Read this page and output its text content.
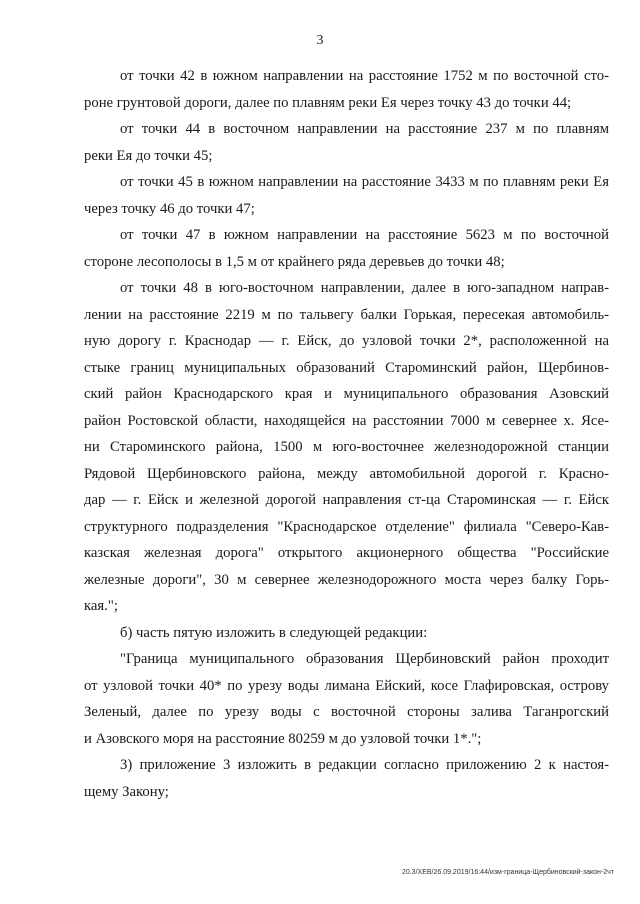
3

от точки 42 в южном направлении на расстояние 1752 м по восточной сто-
роне грунтовой дороги, далее по плавням реки Ея через точку 43 до точки 44;

от точки 44 в восточном направлении на расстояние 237 м по плавням
реки Ея до точки 45;

от точки 45 в южном направлении на расстояние 3433 м по плавням реки Ея
через точку 46 до точки 47;

от точки 47 в южном направлении на расстояние 5623 м по восточной
стороне лесополосы в 1,5 м от крайнего ряда деревьев до точки 48;

от точки 48 в юго-восточном направлении, далее в юго-западном направ-
лении на расстояние 2219 м по тальвегу балки Горькая, пересекая автомобиль-
ную дорогу г. Краснодар — г. Ейск, до узловой точки 2*, расположенной на
стыке границ муниципальных образований Староминский район, Щербинов-
ский район Краснодарского края и муниципального образования Азовский
район Ростовской области, находящейся на расстоянии 7000 м севернее х. Ясе-
ни Староминского района, 1500 м юго-восточнее железнодорожной станции
Рядовой Щербиновского района, между автомобильной дорогой г. Красно-
дар — г. Ейск и железной дорогой направления ст-ца Староминская — г. Ейск
структурного подразделения "Краснодарское отделение" филиала "Северо-Кав-
казская железная дорога" открытого акционерного общества "Российские
железные дороги", 30 м севернее железнодорожного моста через балку Горь-
кая.";

б) часть пятую изложить в следующей редакции:

"Граница муниципального образования Щербиновский район проходит
от узловой точки 40* по урезу воды лимана Ейский, косе Глафировская, острову
Зеленый, далее по урезу воды с восточной стороны залива Таганрогский
и Азовского моря на расстояние 80259 м до узловой точки 1*.";

3) приложение 3 изложить в редакции согласно приложению 2 к настоя-
щему Закону;

20.3/XEB/26.09.2019/16:44/изм-граница-Щербиновский-закон-2чт
